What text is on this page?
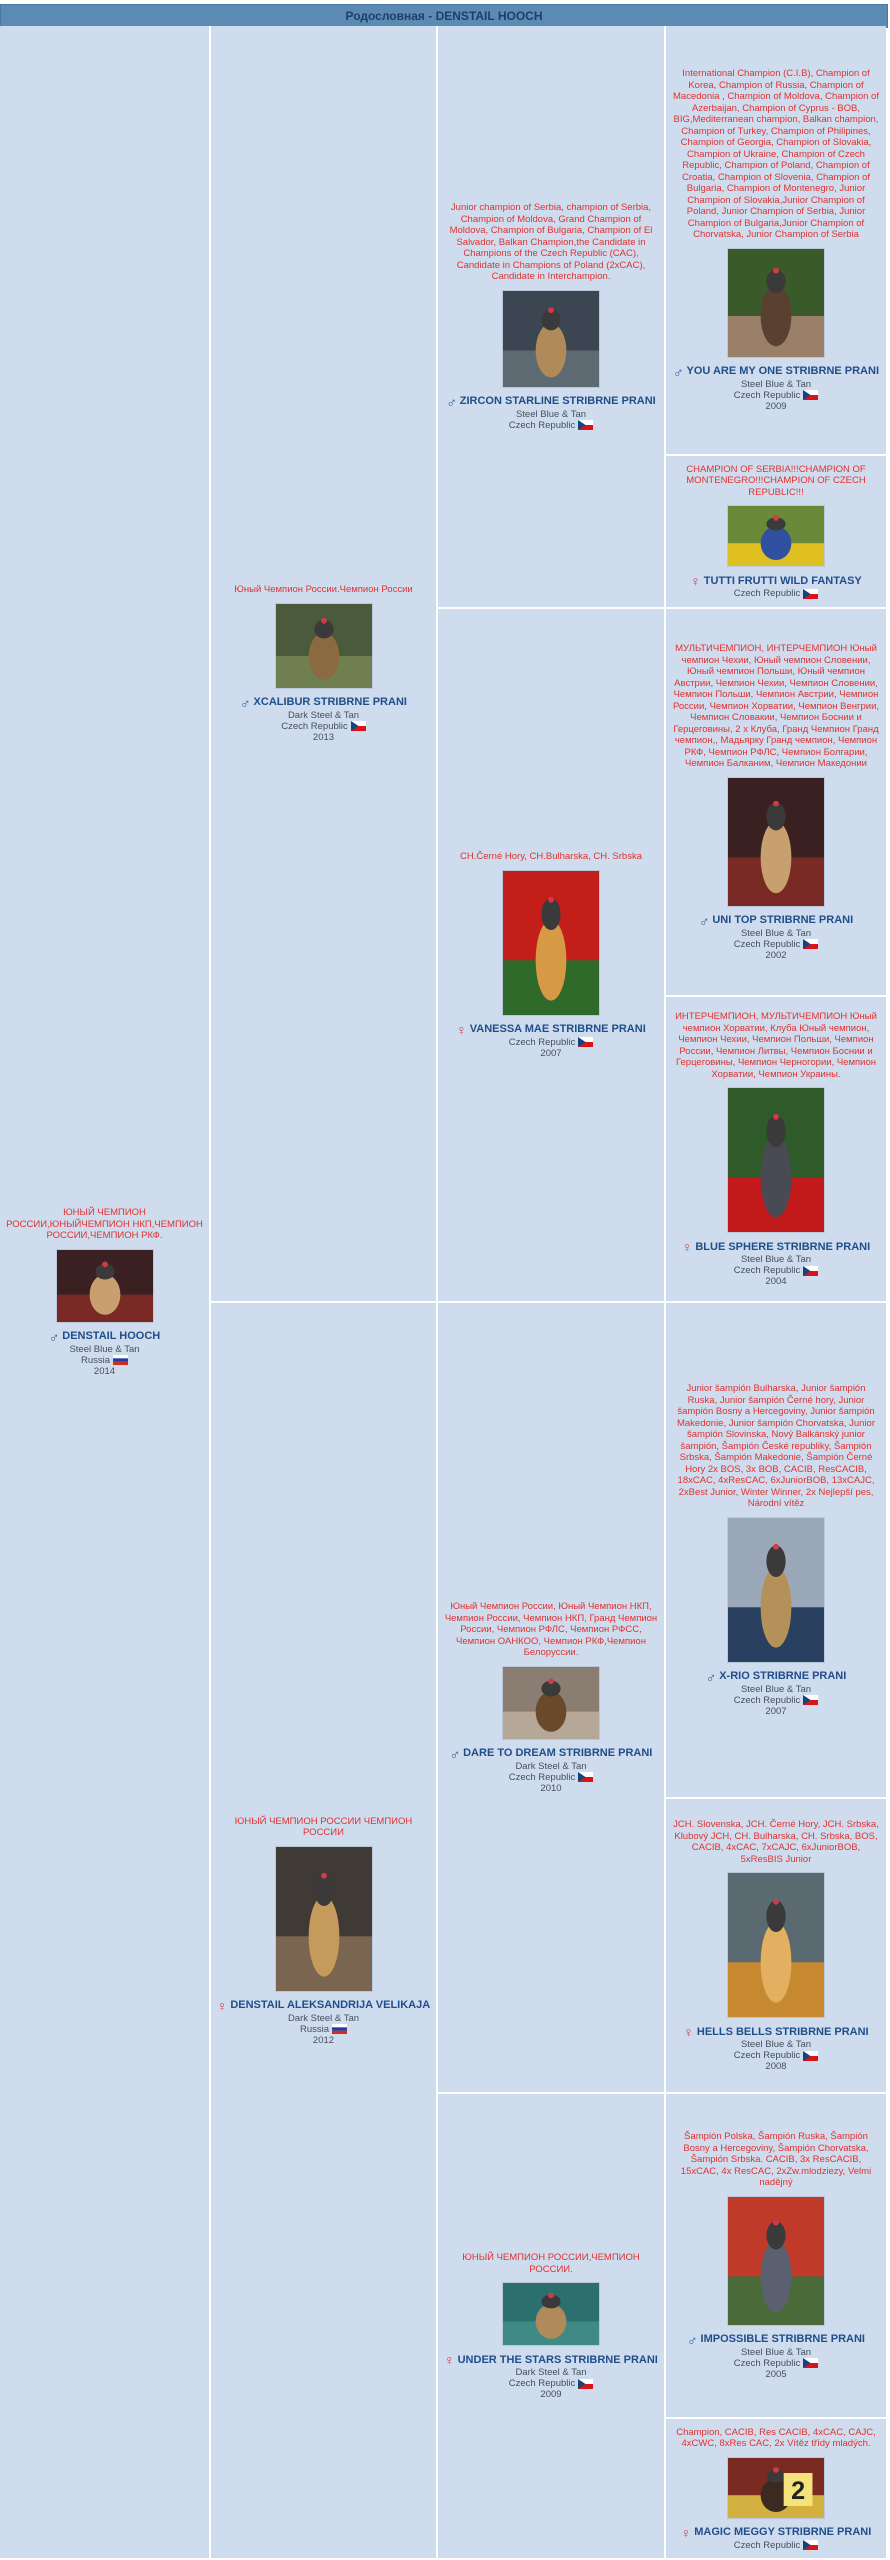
Родословная - DENSTAIL HOOCH
ЮНЫЙ ЧЕМПИОН РОССИИ,ЮНЫЙЧЕМПИОН НКП,ЧЕМПИОН РОССИИ,ЧЕМПИОН РКФ.
♂ DENSTAIL HOOCH
Steel Blue & Tan
Russia
2014
Юный Чемпион России.Чемпион России
♂ XCALIBUR STRIBRNE PRANI
Dark Steel & Tan
Czech Republic
2013
ЮНЫЙ ЧЕМПИОН РОССИИ ЧЕМПИОН РОССИИ
♀ DENSTAIL ALEKSANDRIJA VELIKAJA
Dark Steel & Tan
Russia
2012
Junior champion of Serbia, champion of Serbia, Champion of Moldova, Grand Champion of Moldova, Champion of Bulgaria, Champion of El Salvador, Balkan Champion,the Candidate in Champions of the Czech Republic (CAC), Candidate in Champions of Poland (2xCAC), Candidate in Interchampion.
♂ ZIRCON STARLINE STRIBRNE PRANI
Steel Blue & Tan
Czech Republic
CH.Černé Hory, CH.Bulharska, CH. Srbska
♀ VANESSA MAE STRIBRNE PRANI
Czech Republic
2007
Юный Чемпион России, Юный Чемпион НКП, Чемпион России, Чемпион НКП, Гранд Чемпион России, Чемпион РФЛС, Чемпион РФСС, Чемпион ОАНКОО, Чемпион РКФ,Чемпион Белоруссии.
♂ DARE TO DREAM STRIBRNE PRANI
Dark Steel & Tan
Czech Republic
2010
ЮНЫЙ ЧЕМПИОН РОССИИ,ЧЕМПИОН РОССИИ.
♀ UNDER THE STARS STRIBRNE PRANI
Dark Steel & Tan
Czech Republic
2009
International Champion (C.I.B), Champion of Korea, Champion of Russia, Champion of Macedonia , Champion of Moldova, Champion of Azerbaijan, Champion of Cyprus - BOB, BIG,Mediterranean champion, Balkan champion, Champion of Turkey, Champion of Philipines, Champion of Georgia, Champion of Slovakia, Champion of Ukraine, Champion of Czech Republic, Champion of Poland, Champion of Croatia, Champion of Slovenia, Champion of Bulgaria, Champion of Montenegro, Junior Champion of Slovakia,Junior Champion of Poland, Junior Champion of Serbia, Junior Champion of Bulgaria,Junior Champion of Chorvatska, Junior Champion of Serbia
♂ YOU ARE MY ONE STRIBRNE PRANI
Steel Blue & Tan
Czech Republic
2009
CHAMPION OF SERBIA!!!CHAMPION OF MONTENEGRO!!!CHAMPION OF CZECH REPUBLIC!!!
♀ TUTTI FRUTTI WILD FANTASY
Czech Republic
МУЛЬТИЧЕМПИОН, ИНТЕРЧЕМПИОН Юный чемпион Чехии, Юный чемпион Словении, Юный чемпион Польши, Юный чемпион Австрии, Чемпион Чехии, Чемпион Словении, Чемпион Польши, Чемпион Австрии, Чемпион России, Чемпион Хорватии, Чемпион Венгрии, Чемпион Словакии, Чемпион Боснии и Герцеговины, 2 x Клуба, Гранд Чемпион Гранд чемпион,, Мадьярку Гранд чемпион, Чемпион РКФ, Чемпион РФЛС, Чемпион Болгарии, Чемпион Балканим, Чемпион Македонии
♂ UNI TOP STRIBRNE PRANI
Steel Blue & Tan
Czech Republic
2002
ИНТЕРЧЕМПИОН, МУЛЬТИЧЕМПИОН Юный чемпион Хорватии, Клуба Юный чемпион, Чемпион Чехии, Чемпион Польши, Чемпион России, Чемпион Литвы, Чемпион Боснии и Герцеговины, Чемпион Черногории, Чемпион Хорватии, Чемпион Украины.
♀ BLUE SPHERE STRIBRNE PRANI
Steel Blue & Tan
Czech Republic
2004
Junior šampión Bulharska, Junior šampión Ruska, Junior šampión Černé hory, Junior šampión Bosny a Hercegoviny, Junior šampión Makedonie, Junior šampión Chorvatska, Junior šampión Slovinska, Nový Balkánský junior šampión, Šampión České republiky, Šampión Srbska, Šampión Makedonie, Šampión Černé Hory 2x BOS, 3x BOB, CACIB, ResCACIB, 18xCAC, 4xResCAC, 6xJuniorBOB, 13xCAJC, 2xBest Junior, Winter Winner, 2x Nejlepší pes, Národní vítěz
♂ X-RIO STRIBRNE PRANI
Steel Blue & Tan
Czech Republic
2007
JCH. Slovenska, JCH. Černé Hory, JCH. Srbska, Klubový JCH, CH. Bulharska, CH. Srbska, BOS, CACIB, 4xCAC, 7xCAJC, 6xJuniorBOB, 5xResBIS Junior
♀ HELLS BELLS STRIBRNE PRANI
Steel Blue & Tan
Czech Republic
2008
Šampión Polska, Šampión Ruska, Šampión Bosny a Hercegoviny, Šampión Chorvatska, Šampión Srbska. CACIB, 3x ResCACIB, 15xCAC, 4x ResCAC, 2xZw.mlodziezy, Velmi nadějný
♂ IMPOSSIBLE STRIBRNE PRANI
Steel Blue & Tan
Czech Republic
2005
Champion, CACIB, Res CACIB, 4xCAC, CAJC, 4xCWC, 8xRes CAC, 2x Vítěz třídy mladých.
2
♀ MAGIC MEGGY STRIBRNE PRANI
Czech Republic
